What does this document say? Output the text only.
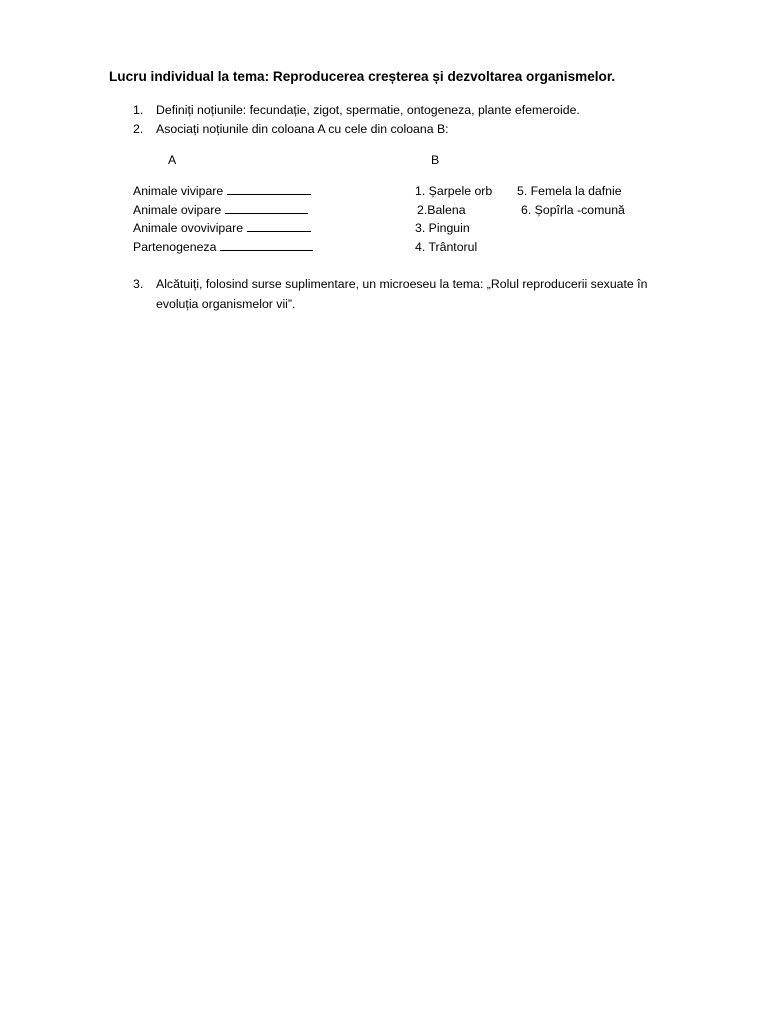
Lucru individual la tema: Reproducerea creșterea și dezvoltarea organismelor.
1. Definiți noțiunile: fecundație, zigot, spermatie, ontogeneza, plante efemeroide.
2. Asociați noțiunile din coloana A cu cele din coloana B:
A	B
Animale vivipare
Animale ovipare
Animale ovovivipare
Partenogeneza
1. Șarpele orb
2.Balena
3. Pinguin
4. Trântorul
5. Femela la dafnie
6. Șopîrla -comună
3. Alcătuiți, folosind surse suplimentare, un microeseu la tema: „Rolul reproducerii sexuate în
evoluția organismelor vii”.
